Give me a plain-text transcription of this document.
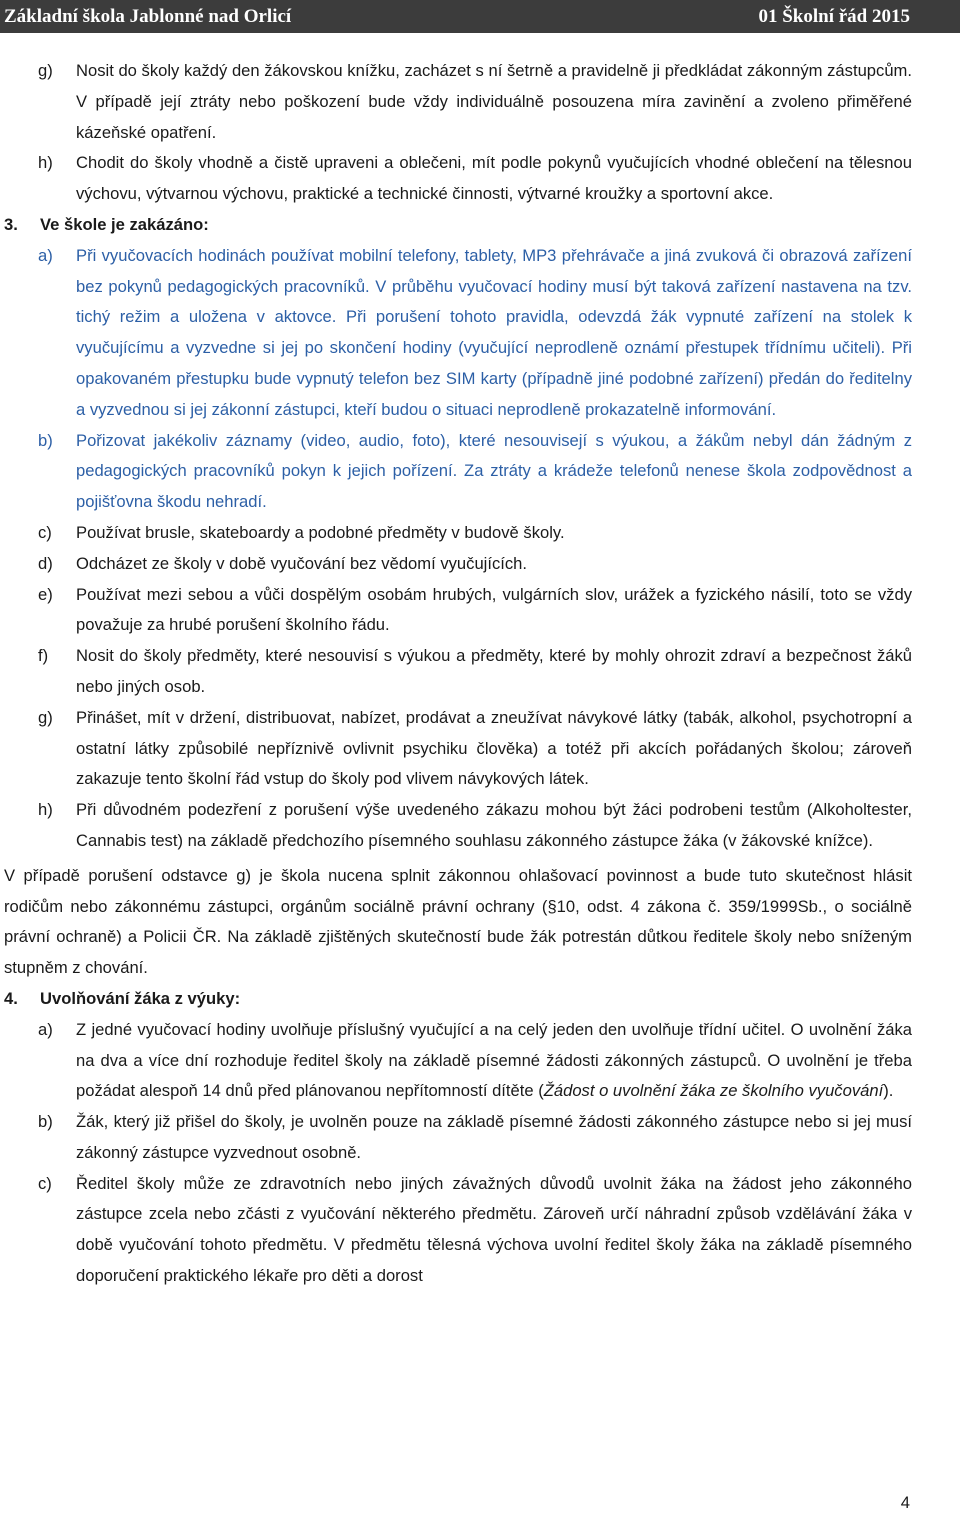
Základní škola Jablonné nad Orlicí	01 Školní řád 2015
g) Nosit do školy každý den žákovskou knížku, zacházet s ní šetrně a pravidelně ji předkládat zákonným zástupcům. V případě její ztráty nebo poškození bude vždy individuálně posouzena míra zavinění a zvoleno přiměřené kázeňské opatření.
h) Chodit do školy vhodně a čistě upraveni a oblečeni, mít podle pokynů vyučujících vhodné oblečení na tělesnou výchovu, výtvarnou výchovu, praktické a technické činnosti, výtvarné kroužky a sportovní akce.
3. Ve škole je zakázáno:
a) Při vyučovacích hodinách používat mobilní telefony, tablety, MP3 přehrávače a jiná zvuková či obrazová zařízení bez pokynů pedagogických pracovníků. V průběhu vyučovací hodiny musí být taková zařízení nastavena na tzv. tichý režim a uložena v aktovce. Při porušení tohoto pravidla, odevzdá žák vypnuté zařízení na stolek k vyučujícímu a vyzvedne si jej po skončení hodiny (vyučující neprodleně oznámí přestupek třídnímu učiteli). Při opakovaném přestupku bude vypnutý telefon bez SIM karty (případně jiné podobné zařízení) předán do ředitelny a vyzvednou si jej zákonní zástupci, kteří budou o situaci neprodleně prokazatelně informování.
b) Pořizovat jakékoliv záznamy (video, audio, foto), které nesouvisejí s výukou, a žákům nebyl dán žádným z pedagogických pracovníků pokyn k jejich pořízení. Za ztráty a krádeže telefonů nenese škola zodpovědnost a pojišťovna škodu nehradí.
c) Používat brusle, skateboardy a podobné předměty v budově školy.
d) Odcházet ze školy v době vyučování bez vědomí vyučujících.
e) Používat mezi sebou a vůči dospělým osobám hrubých, vulgárních slov, urážek a fyzického násilí, toto se vždy považuje za hrubé porušení školního řádu.
f) Nosit do školy předměty, které nesouvisí s výukou a předměty, které by mohly ohrozit zdraví a bezpečnost žáků nebo jiných osob.
g) Přinášet, mít v držení, distribuovat, nabízet, prodávat a zneužívat návykové látky (tabák, alkohol, psychotropní a ostatní látky způsobilé nepříznivě ovlivnit psychiku člověka) a totéž při akcích pořádaných školou; zároveň zakazuje tento školní řád vstup do školy pod vlivem návykových látek.
h) Při důvodném podezření z porušení výše uvedeného zákazu mohou být žáci podrobeni testům (Alkoholtester, Cannabis test) na základě předchozího písemného souhlasu zákonného zástupce žáka (v žákovské knížce).
V případě porušení odstavce g) je škola nucena splnit zákonnou ohlašovací povinnost a bude tuto skutečnost hlásit rodičům nebo zákonnému zástupci, orgánům sociálně právní ochrany (§10, odst. 4 zákona č. 359/1999Sb., o sociálně právní ochraně) a Policii ČR. Na základě zjištěných skutečností bude žák potrestán důtkou ředitele školy nebo sníženým stupněm z chování.
4. Uvolňování žáka z výuky:
a) Z jedné vyučovací hodiny uvolňuje příslušný vyučující a na celý jeden den uvolňuje třídní učitel. O uvolnění žáka na dva a více dní rozhoduje ředitel školy na základě písemné žádosti zákonných zástupců. O uvolnění je třeba požádat alespoň 14 dnů před plánovanou nepřítomností dítěte (Žádost o uvolnění žáka ze školního vyučování).
b) Žák, který již přišel do školy, je uvolněn pouze na základě písemné žádosti zákonného zástupce nebo si jej musí zákonný zástupce vyzvednout osobně.
c) Ředitel školy může ze zdravotních nebo jiných závažných důvodů uvolnit žáka na žádost jeho zákonného zástupce zcela nebo zčásti z vyučování některého předmětu. Zároveň určí náhradní způsob vzdělávání žáka v době vyučování tohoto předmětu. V předmětu tělesná výchova uvolní ředitel školy žáka na základě písemného doporučení praktického lékaře pro děti a dorost
4
